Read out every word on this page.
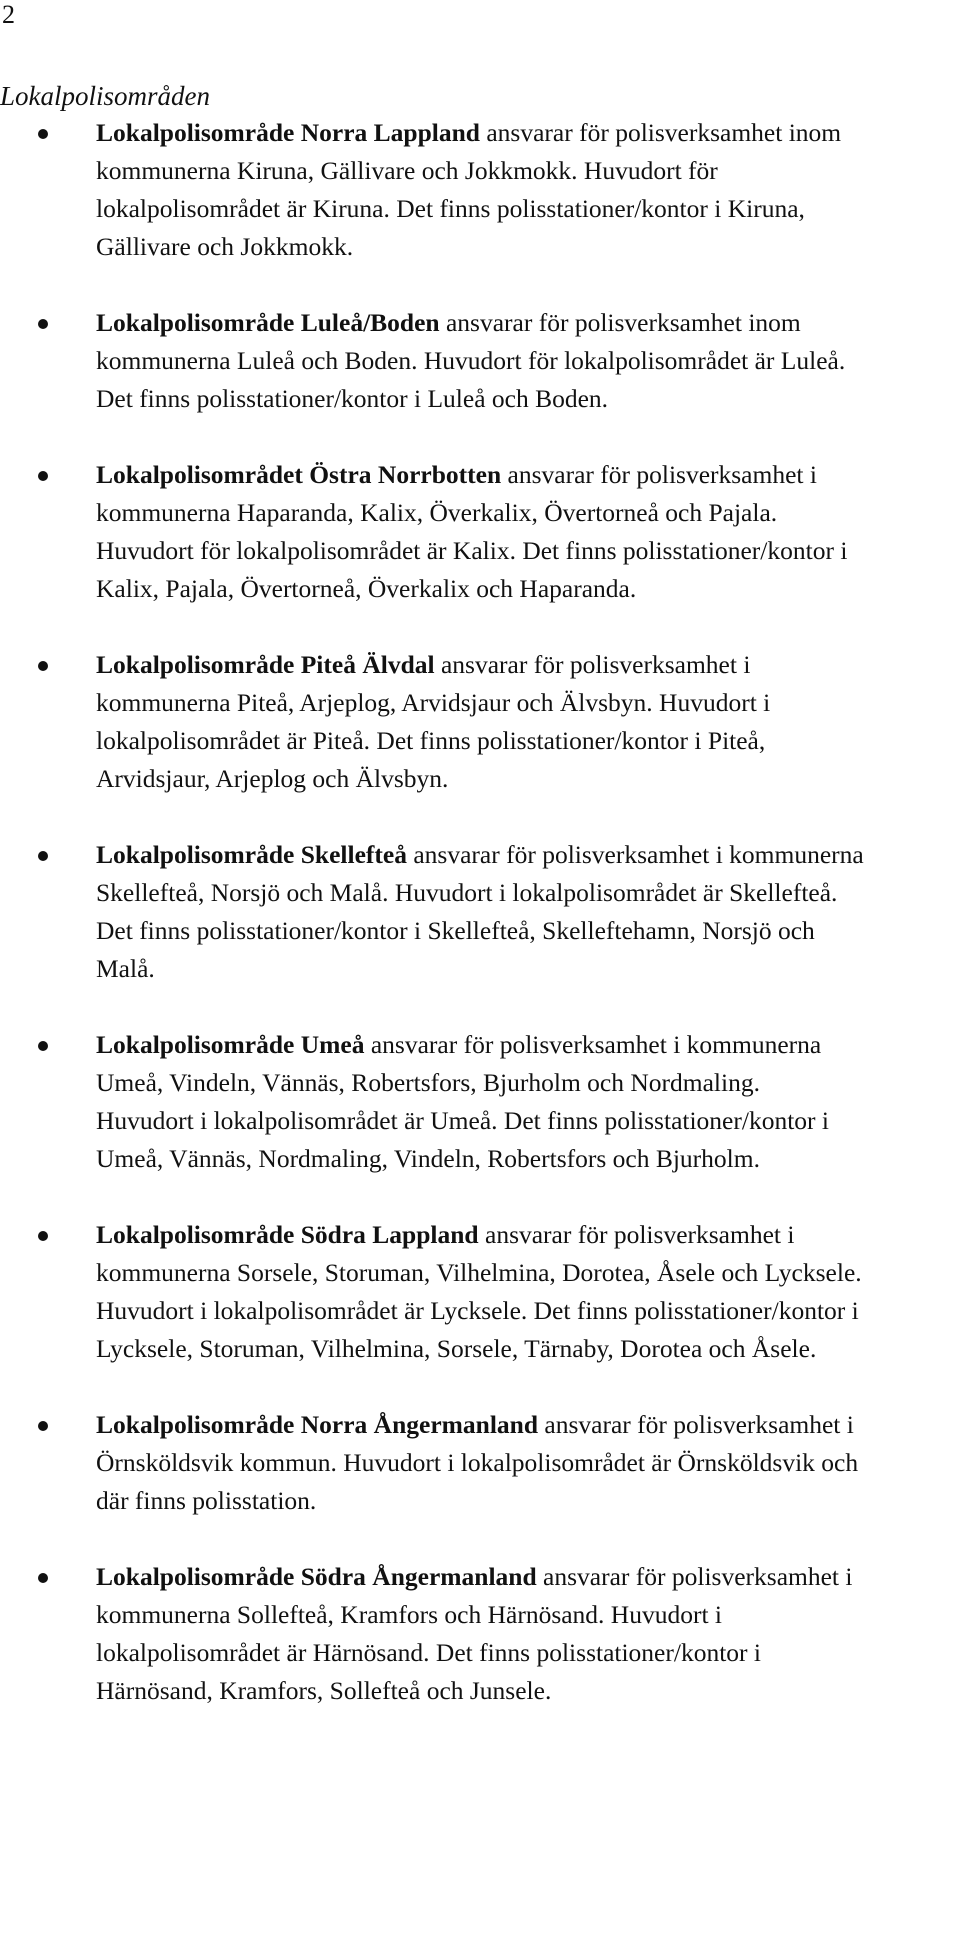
2
Lokalpolisområden
Lokalpolisområde Norra Lappland ansvarar för polisverksamhet inom kommunerna Kiruna, Gällivare och Jokkmokk. Huvudort för lokalpolisområdet är Kiruna. Det finns polisstationer/kontor i Kiruna, Gällivare och Jokkmokk.
Lokalpolisområde Luleå/Boden ansvarar för polisverksamhet inom kommunerna Luleå och Boden. Huvudort för lokalpolisområdet är Luleå. Det finns polisstationer/kontor i Luleå och Boden.
Lokalpolisområdet Östra Norrbotten ansvarar för polisverksamhet i kommunerna Haparanda, Kalix, Överkalix, Övertorneå och Pajala. Huvudort för lokalpolisområdet är Kalix. Det finns polisstationer/kontor i Kalix, Pajala, Övertorneå, Överkalix och Haparanda.
Lokalpolisområde Piteå Älvdal ansvarar för polisverksamhet i kommunerna Piteå, Arjeplog, Arvidsjaur och Älvsbyn. Huvudort i lokalpolisområdet är Piteå. Det finns polisstationer/kontor i Piteå, Arvidsjaur, Arjeplog och Älvsbyn.
Lokalpolisområde Skellefteå ansvarar för polisverksamhet i kommunerna Skellefteå, Norsjö och Malå. Huvudort i lokalpolisområdet är Skellefteå. Det finns polisstationer/kontor i Skellefteå, Skelleftehamn, Norsjö och Malå.
Lokalpolisområde Umeå ansvarar för polisverksamhet i kommunerna Umeå, Vindeln, Vännäs, Robertsfors, Bjurholm och Nordmaling. Huvudort i lokalpolisområdet är Umeå. Det finns polisstationer/kontor i Umeå, Vännäs, Nordmaling, Vindeln, Robertsfors och Bjurholm.
Lokalpolisområde Södra Lappland ansvarar för polisverksamhet i kommunerna Sorsele, Storuman, Vilhelmina, Dorotea, Åsele och Lycksele. Huvudort i lokalpolisområdet är Lycksele. Det finns polisstationer/kontor i Lycksele, Storuman, Vilhelmina, Sorsele, Tärnaby, Dorotea och Åsele.
Lokalpolisområde Norra Ångermanland ansvarar för polisverksamhet i Örnsköldsvik kommun. Huvudort i lokalpolisområdet är Örnsköldsvik och där finns polisstation.
Lokalpolisområde Södra Ångermanland ansvarar för polisverksamhet i kommunerna Sollefteå, Kramfors och Härnösand. Huvudort i lokalpolisområdet är Härnösand. Det finns polisstationer/kontor i Härnösand, Kramfors, Sollefteå och Junsele.
